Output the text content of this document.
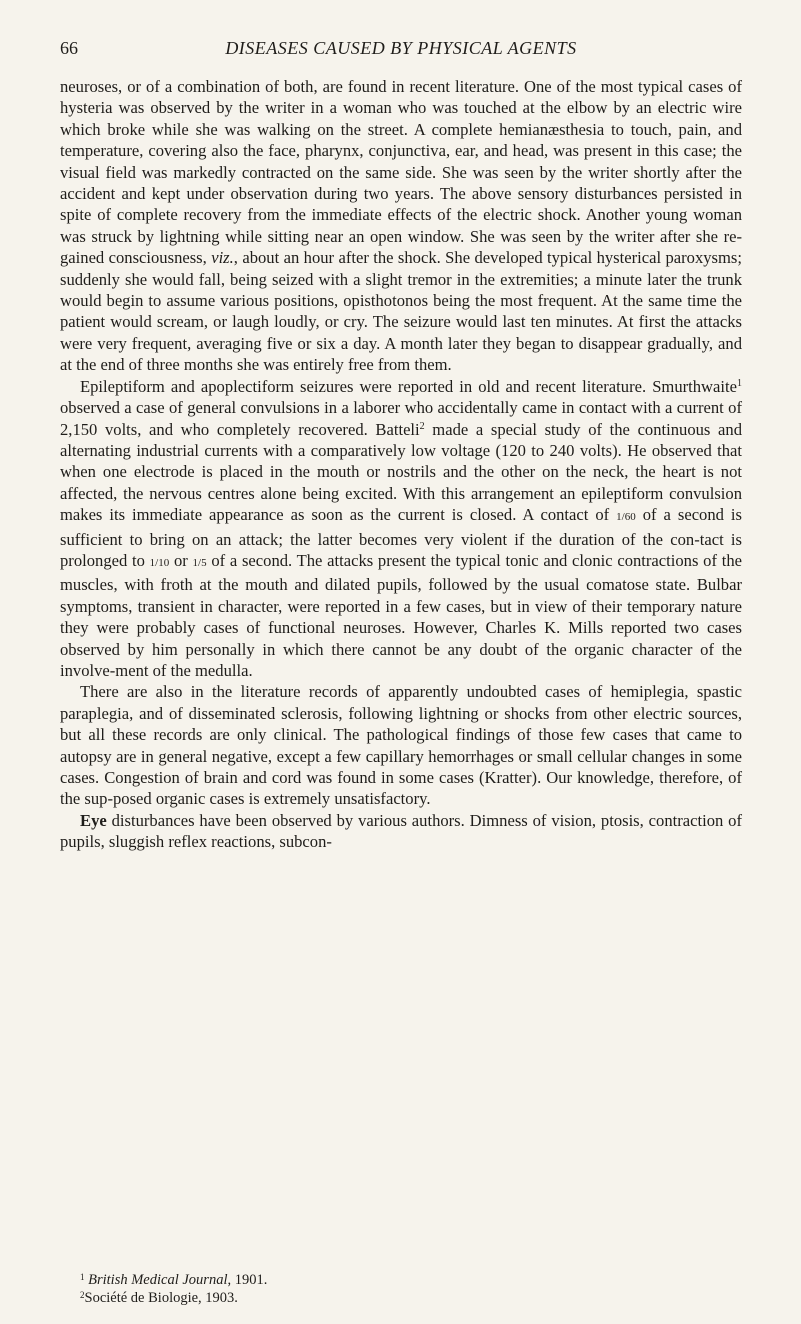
66	DISEASES CAUSED BY PHYSICAL AGENTS

neuroses, or of a combination of both, are found in recent literature. One of the most typical cases of hysteria was observed by the writer in a woman who was touched at the elbow by an electric wire which broke while she was walking on the street. A complete hemianæsthesia to touch, pain, and temperature, covering also the face, pharynx, conjunctiva, ear, and head, was present in this case; the visual field was markedly contracted on the same side. She was seen by the writer shortly after the accident and kept under observation during two years. The above sensory disturbances persisted in spite of complete recovery from the immediate effects of the electric shock. Another young woman was struck by lightning while sitting near an open window. She was seen by the writer after she re-gained consciousness, viz., about an hour after the shock. She developed typical hysterical paroxysms; suddenly she would fall, being seized with a slight tremor in the extremities; a minute later the trunk would begin to assume various positions, opisthotonos being the most frequent. At the same time the patient would scream, or laugh loudly, or cry. The seizure would last ten minutes. At first the attacks were very frequent, averaging five or six a day. A month later they began to disappear gradually, and at the end of three months she was entirely free from them.

Epileptiform and apoplectiform seizures were reported in old and recent literature. Smurthwaite$^1$ observed a case of general convulsions in a laborer who accidentally came in contact with a current of 2,150 volts, and who completely recovered. Batteli$^2$ made a special study of the continuous and alternating industrial currents with a comparatively low voltage (120 to 240 volts). He observed that when one electrode is placed in the mouth or nostrils and the other on the neck, the heart is not affected, the nervous centres alone being excited. With this arrangement an epileptiform convulsion makes its immediate appearance as soon as the current is closed. A contact of 1/60 of a second is sufficient to bring on an attack; the latter becomes very violent if the duration of the con-tact is prolonged to 1/10 or 1/5 of a second. The attacks present the typical tonic and clonic contractions of the muscles, with froth at the mouth and dilated pupils, followed by the usual comatose state. Bulbar symptoms, transient in character, were reported in a few cases, but in view of their temporary nature they were probably cases of functional neuroses. However, Charles K. Mills reported two cases observed by him personally in which there cannot be any doubt of the organic character of the involve-ment of the medulla.

There are also in the literature records of apparently undoubted cases of hemiplegia, spastic paraplegia, and of disseminated sclerosis, following lightning or shocks from other electric sources, but all these records are only clinical. The pathological findings of those few cases that came to autopsy are in general negative, except a few capillary hemorrhages or small cellular changes in some cases. Congestion of brain and cord was found in some cases (Kratter). Our knowledge, therefore, of the sup-posed organic cases is extremely unsatisfactory.

Eye disturbances have been observed by various authors. Dimness of vision, ptosis, contraction of pupils, sluggish reflex reactions, subcon-

$^1$ British Medical Journal, 1901.
$^2$Société de Biologie, 1903.
